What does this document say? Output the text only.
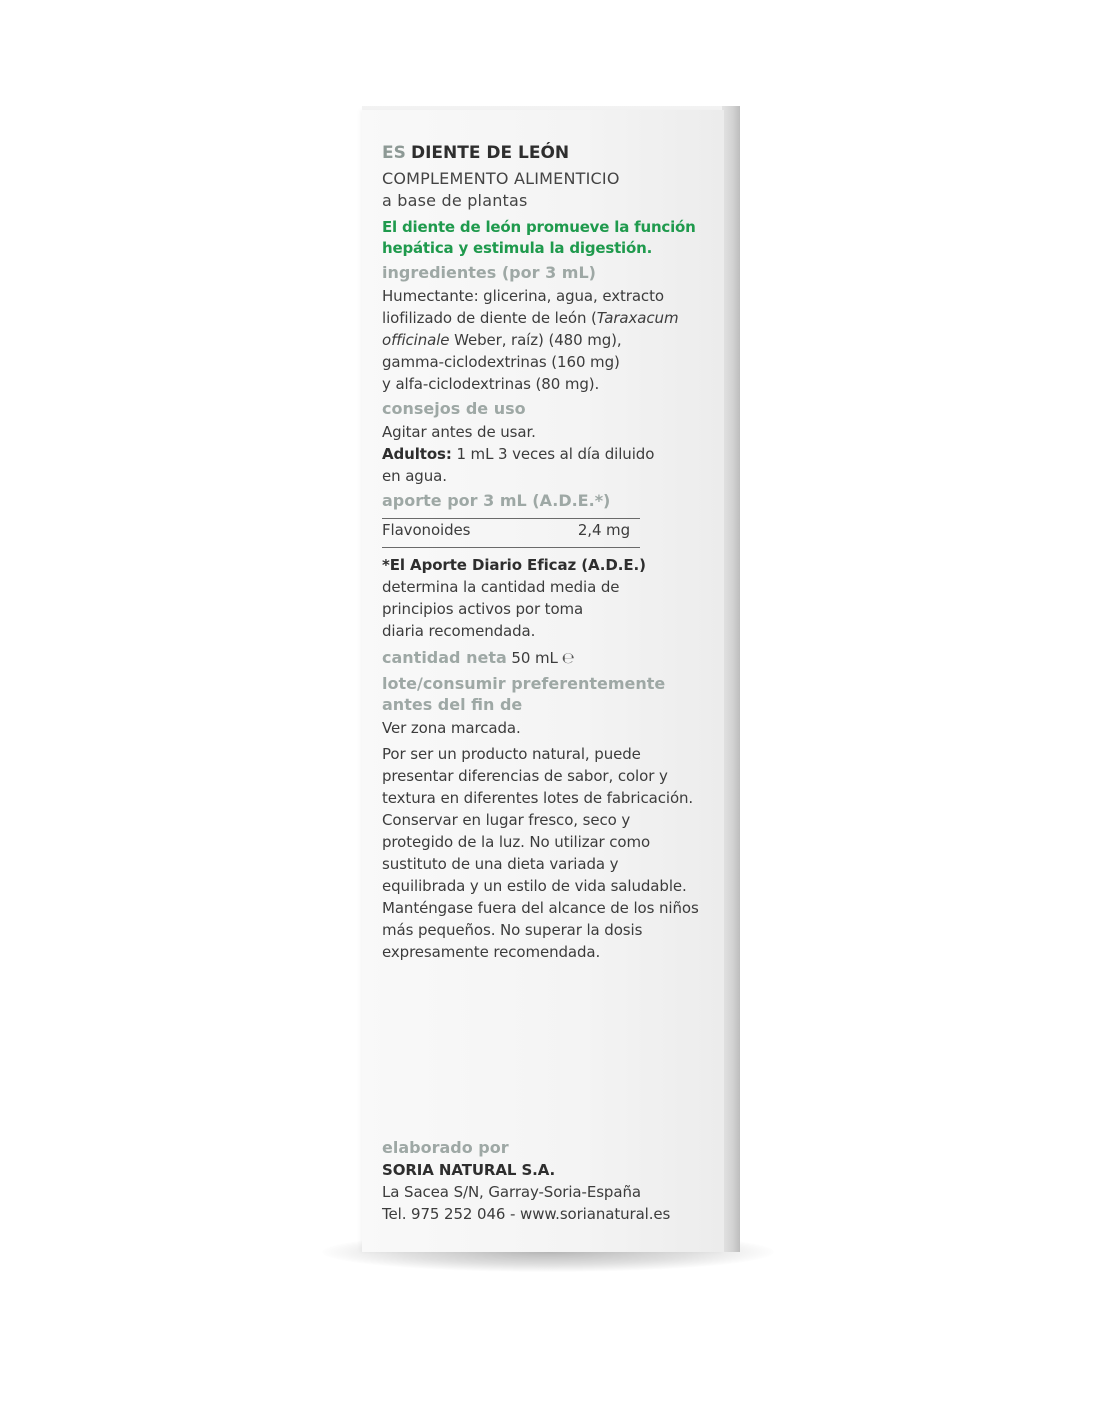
ES DIENTE DE LEÓN
COMPLEMENTO ALIMENTICIO
a base de plantas
El diente de león promueve la función
hepática y estimula la digestión.
ingredientes (por 3 mL)
Humectante: glicerina, agua, extracto
liofilizado de diente de león (Taraxacum
officinale Weber, raíz) (480 mg),
gamma-ciclodextrinas (160 mg)
y alfa-ciclodextrinas (80 mg).
consejos de uso
Agitar antes de usar.
Adultos: 1 mL 3 veces al día diluido
en agua.
aporte por 3 mL (A.D.E.*)
Flavonoides	2,4 mg
*El Aporte Diario Eficaz (A.D.E.)
determina la cantidad media de
principios activos por toma
diaria recomendada.
cantidad neta 50 mL ℮
lote/consumir preferentemente
antes del fin de
Ver zona marcada.
Por ser un producto natural, puede
presentar diferencias de sabor, color y
textura en diferentes lotes de fabricación.
Conservar en lugar fresco, seco y
protegido de la luz. No utilizar como
sustituto de una dieta variada y
equilibrada y un estilo de vida saludable.
Manténgase fuera del alcance de los niños
más pequeños. No superar la dosis
expresamente recomendada.
elaborado por
SORIA NATURAL S.A.
La Sacea S/N, Garray-Soria-España
Tel. 975 252 046 - www.sorianatural.es
